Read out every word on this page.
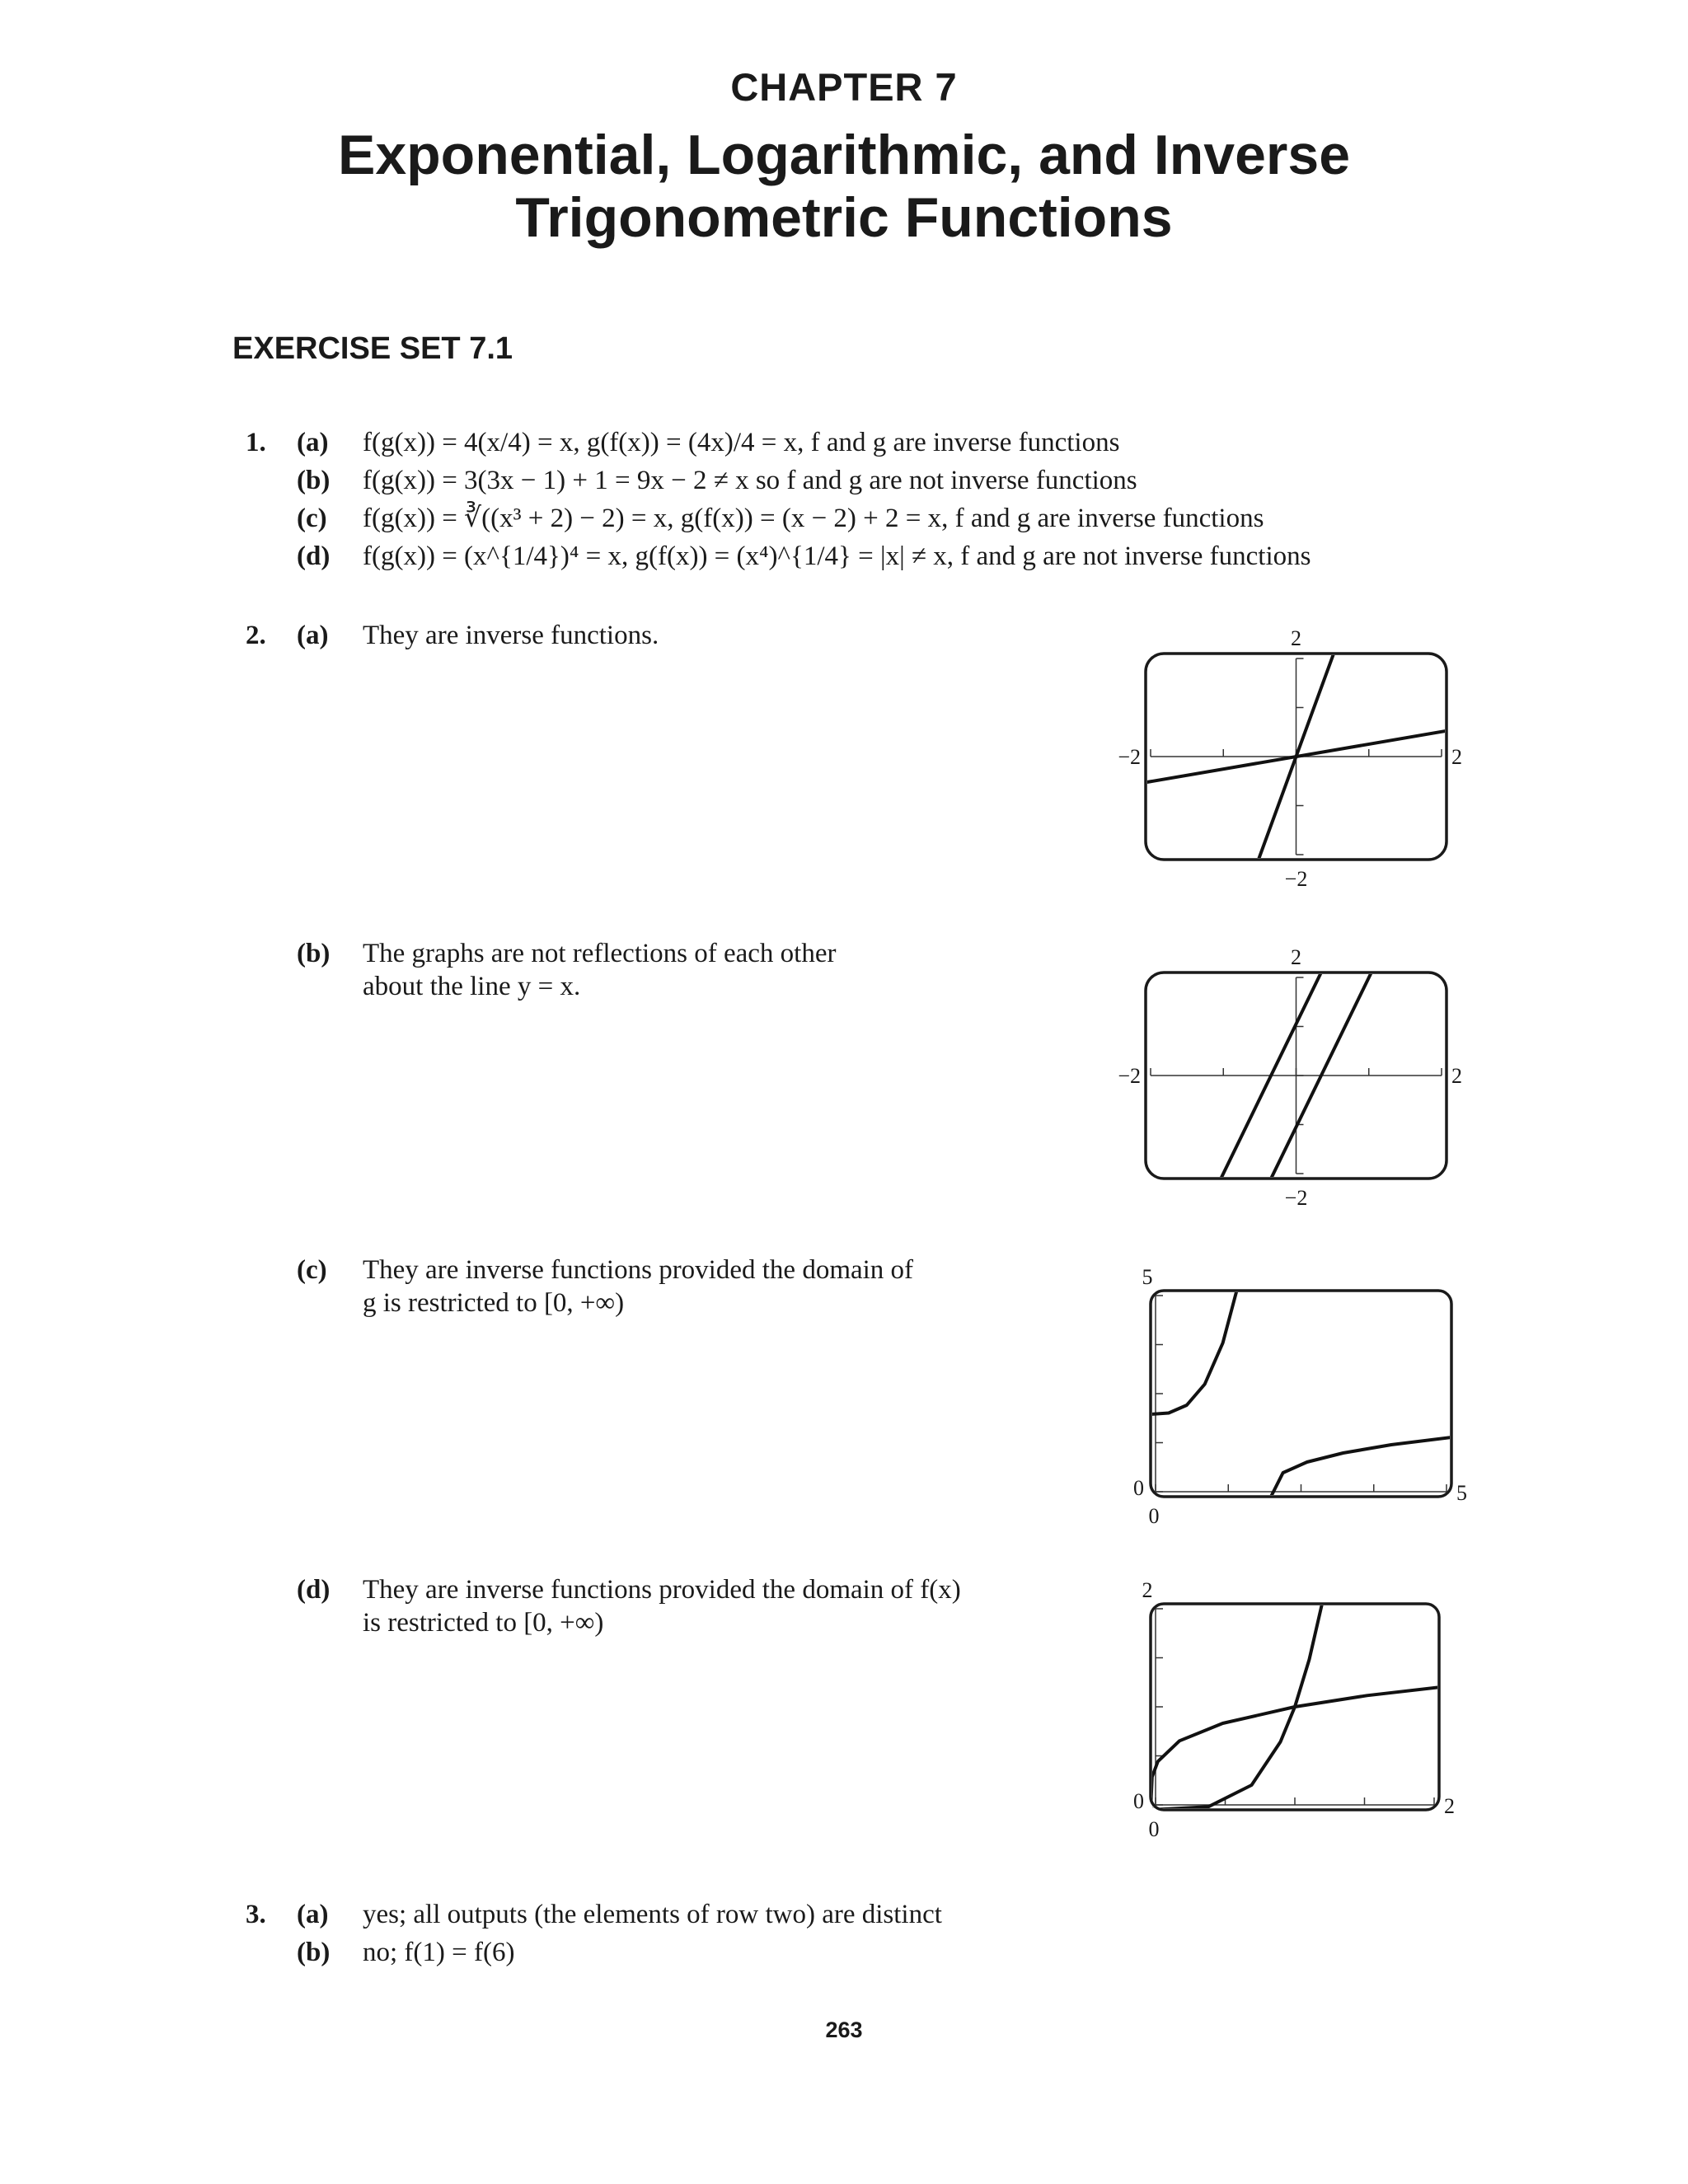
CHAPTER 7
Exponential, Logarithmic, and Inverse
Trigonometric Functions
EXERCISE SET 7.1
1. (a) f(g(x)) = 4(x/4) = x, g(f(x)) = (4x)/4 = x, f and g are inverse functions
(b) f(g(x)) = 3(3x − 1) + 1 = 9x − 2 ≠ x so f and g are not inverse functions
(c) f(g(x)) = ∛((x³ + 2) − 2) = x, g(f(x)) = (x − 2) + 2 = x, f and g are inverse functions
(d) f(g(x)) = (x^{1/4})⁴ = x, g(f(x)) = (x⁴)^{1/4} = |x| ≠ x, f and g are not inverse functions
2. (a) They are inverse functions.
(b) The graphs are not reflections of each other
about the line y = x.
(c) They are inverse functions provided the domain of
g is restricted to [0, +∞)
(d) They are inverse functions provided the domain of f(x)
is restricted to [0, +∞)
2
−2
−2	2
2
−2
−2	2
5
0
0
5
2
0
0
2
3. (a) yes; all outputs (the elements of row two) are distinct
(b) no; f(1) = f(6)
263
